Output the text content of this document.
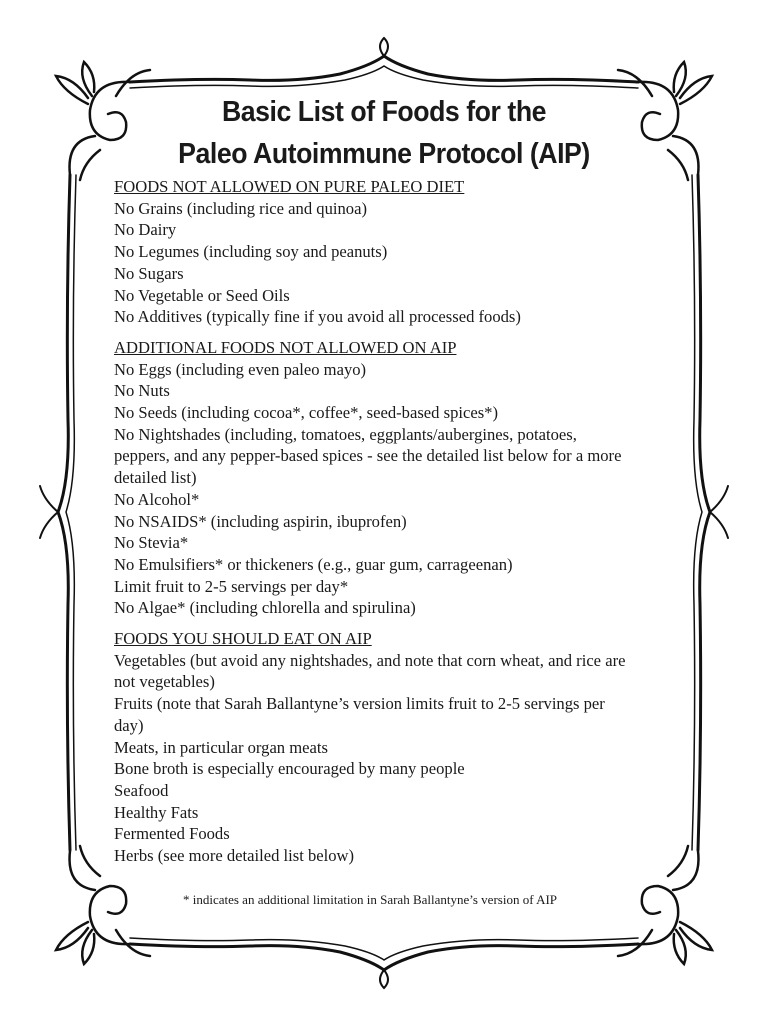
Basic List of Foods for the
Paleo Autoimmune Protocol (AIP)
FOODS NOT ALLOWED ON PURE PALEO DIET
No Grains (including rice and quinoa)
No Dairy
No Legumes (including soy and peanuts)
No Sugars
No Vegetable or Seed Oils
No Additives (typically fine if you avoid all processed foods)
ADDITIONAL FOODS NOT ALLOWED ON AIP
No Eggs (including even paleo mayo)
No Nuts
No Seeds (including cocoa*, coffee*, seed-based spices*)
No Nightshades (including, tomatoes, eggplants/aubergines, potatoes, peppers, and any pepper-based spices - see the detailed list below for a more detailed list)
No Alcohol*
No NSAIDS* (including aspirin, ibuprofen)
No Stevia*
No Emulsifiers* or thickeners (e.g., guar gum, carrageenan)
Limit fruit to 2-5 servings per day*
No Algae* (including chlorella and spirulina)
FOODS YOU SHOULD EAT ON AIP
Vegetables (but avoid any nightshades, and note that corn wheat, and rice are not vegetables)
Fruits (note that Sarah Ballantyne’s version limits fruit to 2-5 servings per day)
Meats, in particular organ meats
Bone broth is especially encouraged by many people
Seafood
Healthy Fats
Fermented Foods
Herbs (see more detailed list below)
* indicates an additional limitation in Sarah Ballantyne’s version of AIP
